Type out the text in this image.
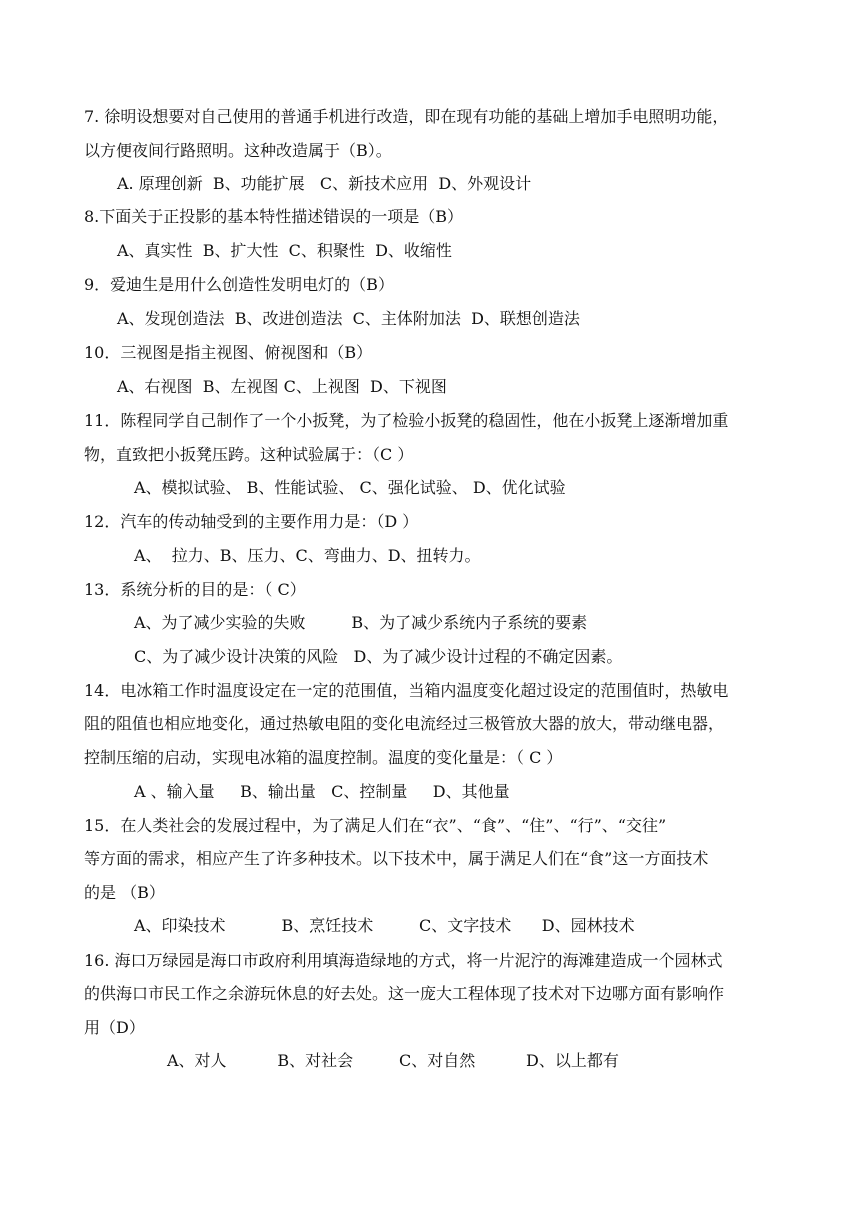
7. 徐明设想要对自己使用的普通手机进行改造，即在现有功能的基础上增加手电照明功能，
以方便夜间行路照明。这种改造属于（B）。
A. 原理创新  B、功能扩展   C、新技术应用  D、外观设计
8.下面关于正投影的基本特性描述错误的一项是（B）
A、真实性  B、扩大性  C、积聚性  D、收缩性
9．爱迪生是用什么创造性发明电灯的（B）
A、发现创造法  B、改进创造法  C、主体附加法  D、联想创造法
10．三视图是指主视图、俯视图和（B）
A、右视图  B、左视图 C、上视图  D、下视图
11．陈程同学自己制作了一个小扳凳，为了检验小扳凳的稳固性，他在小扳凳上逐渐增加重
物，直致把小扳凳压跨。这种试验属于：（C ）
A、模拟试验、 B、性能试验、 C、强化试验、 D、优化试验
12．汽车的传动轴受到的主要作用力是：（D ）
A、  拉力、B、压力、C、弯曲力、D、扭转力。
13．系统分析的目的是：（ C）
A、为了减少实验的失败         B、为了减少系统内子系统的要素
C、为了减少设计决策的风险   D、为了减少设计过程的不确定因素。
14．电冰箱工作时温度设定在一定的范围值，当箱内温度变化超过设定的范围值时，热敏电
阻的阻值也相应地变化，通过热敏电阻的变化电流经过三极管放大器的放大，带动继电器，
控制压缩的启动，实现电冰箱的温度控制。温度的变化量是：（ C ）
A 、输入量     B、输出量   C、控制量     D、其他量
15．在人类社会的发展过程中，为了满足人们在“衣”、“食”、“住”、“行”、“交往”
等方面的需求，相应产生了许多种技术。以下技术中，属于满足人们在“食”这一方面技术
的是 （B）
A、印染技术           B、烹饪技术         C、文字技术      D、园林技术
16. 海口万绿园是海口市政府利用填海造绿地的方式，将一片泥泞的海滩建造成一个园林式
的供海口市民工作之余游玩休息的好去处。这一庞大工程体现了技术对下边哪方面有影响作
用（D）
A、对人          B、对社会         C、对自然          D、以上都有
